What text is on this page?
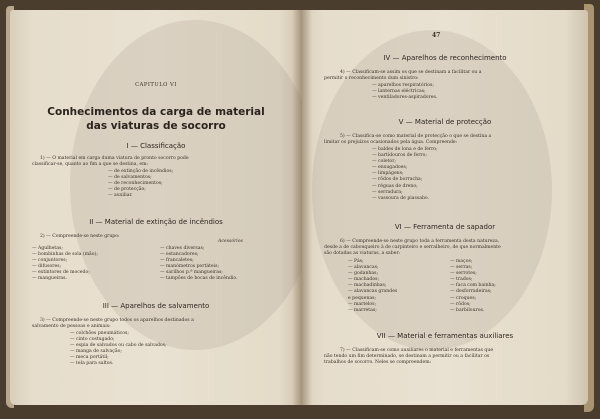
CAPITULO VI
Conhecimentos da carga de material
das viaturas de socorro
I — Classificação
1) — O material em carga duma viatura de pronto socorro pode
classificar-se, quanto ao fim a que se destina, em:
— de extinção de incêndios;
— de salvamentos;
— de reconhecimentos;
— de protecção;
— auxiliar.
II — Material de extinção de incêndios
2) — Compreende-se neste grupo:
Acessórios
— Agulhetas;
— bombinhas de sola (mão);
— conjuntores;
— difusores;
— extintores de mocedo;
— mangueiras.
— chaves diversas;
— estancadores;
— francaletes;
— manómetros portáteis;
— sarilhos p.ª mangueiras;
— tampões de bocas de incêndio.
III — Aparelhos de salvamento
3) — Compreende-se neste grupo todos os aparelhos destinados a
salvamento de pessoas e animais:
— colchões pneumáticos;
— cinto costugado;
— espia de salvados ou cabo de salvados;
— manga de salvação;
— meca portátil;
— tela para saltos.
47
IV — Aparelhos de reconhecimento
4) — Classificam-se assim os que se destinam a facilitar ou a
permitir o reconhecimento dum sinistro:
— aparelhos respiratórios;
— lanternas eléctricas;
— ventiladores-aspiradores.
V — Material de protecção
5) — Classifica-se como material de protecção o que se destina a
limitar os prejuízos ocasionados pela água. Compreende:
— baldes de lona e de ferro;
— bartidouros de ferro;
— coletor;
— enxugadoes;
— limpágens;
— rôdos de borracha;
— réguas de dreno;
— serradura;
— vassoura de piassabo.
VI — Ferramenta de sapador
6) — Compreende-se neste grupo toda a ferramenta desta natureza,
desde a de cabouqueiro à de carpinteiro e serralheiro, de que normalmente
são dotadas as viaturas, a saber:
— Pás;
— alavancas;
— godanhas;
— machados;
— machadinhas;
— alavancas grandes
e pequenas;
— martelos;
— marretas;
— maços;
— serras;
— serrotes;
— trados;
— faca com bainha;
— desforradeiras;
— croques;
— rôdos;
— barbilouros.
VII — Material e ferramentas auxiliares
7) — Classificam-se como auxiliares o material e ferramentas que
não tendo um fim determinado, se destinam a permitir ou a facilitar os
trabalhos de socorro. Neles se compreendem:
